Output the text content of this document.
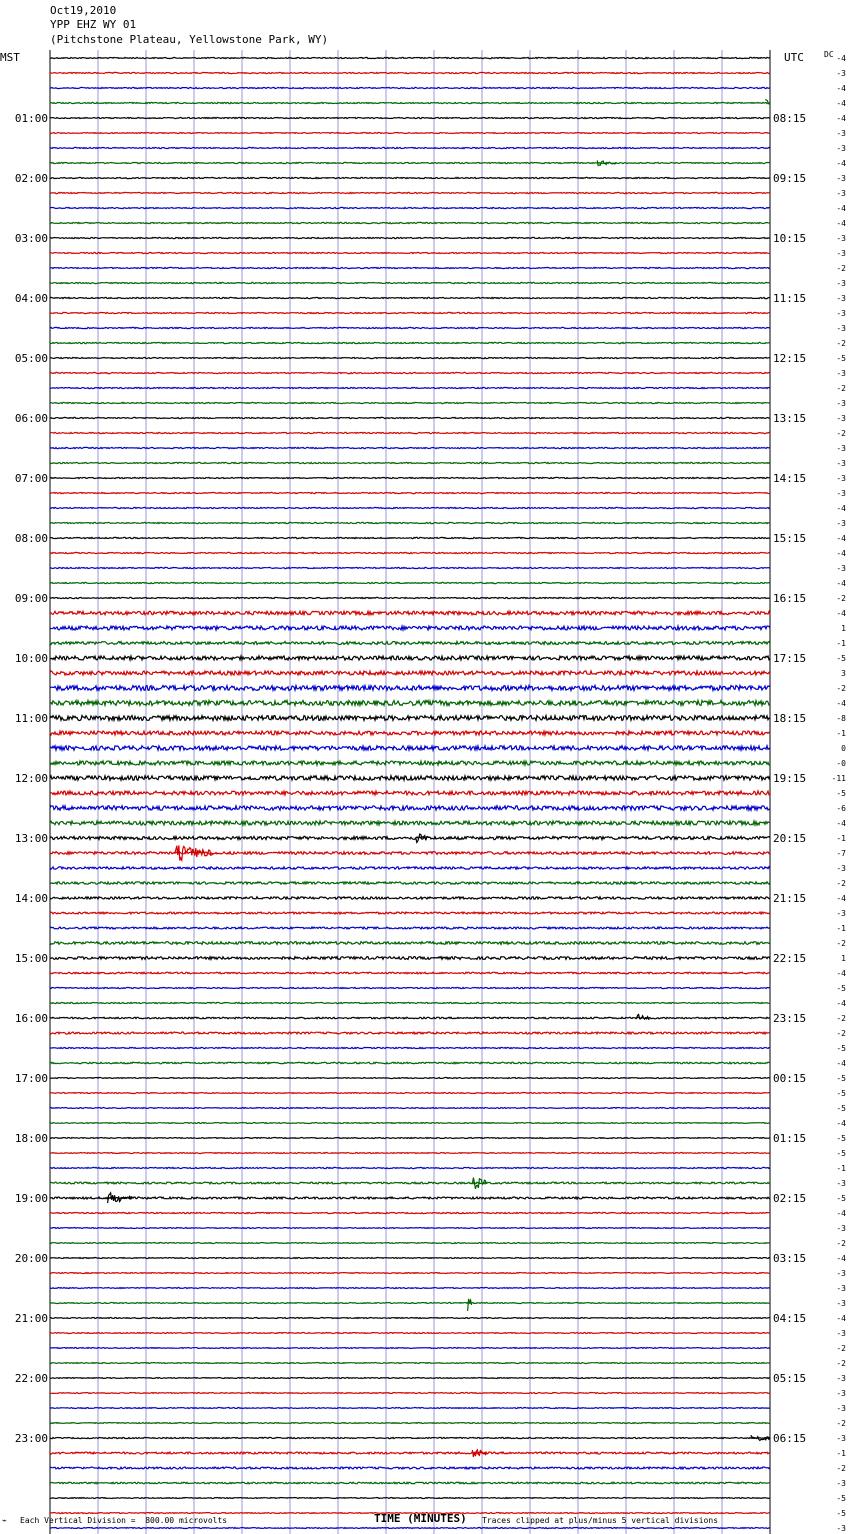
Oct19,2010
YPP EHZ WY 01
(Pitchstone Plateau, Yellowstone Park, WY)
MST	UTC	DC
01:00
02:00
03:00
04:00
05:00
06:00
07:00
08:00
09:00
10:00
11:00
12:00
13:00
14:00
15:00
16:00
17:00
18:00
19:00
20:00
21:00
22:00
23:00
08:15
09:15
10:15
11:15
12:15
13:15
14:15
15:15
16:15
17:15
18:15
19:15
20:15
21:15
22:15
23:15
00:15
01:15
02:15
03:15
04:15
05:15
06:15
-4
-3
-4
-4
-4
-3
-3
-4
-3
-3
-4
-4
-3
-3
-2
-3
-3
-3
-3
-2
-5
-3
-2
-3
-3
-2
-3
-3
-3
-3
-4
-3
-4
-4
-3
-4
-2
-4
1
-1
-5
3
-2
-4
-8
-1
0
-0
-11
-5
-6
-4
-1
-7
-3
-2
-4
-3
-1
-2
1
-4
-5
-4
-2
-2
-5
-4
-5
-5
-5
-4
-5
-5
-1
-3
-5
-4
-3
-2
-4
-3
-3
-3
-4
-3
-2
-2
-3
-3
-3
-2
-3
-1
-2
-3
-5
-5
-3
⌁ Each Vertical Division =  800.00 microvolts	TIME (MINUTES) Traces clipped at plus/minus 5 vertical divisions
